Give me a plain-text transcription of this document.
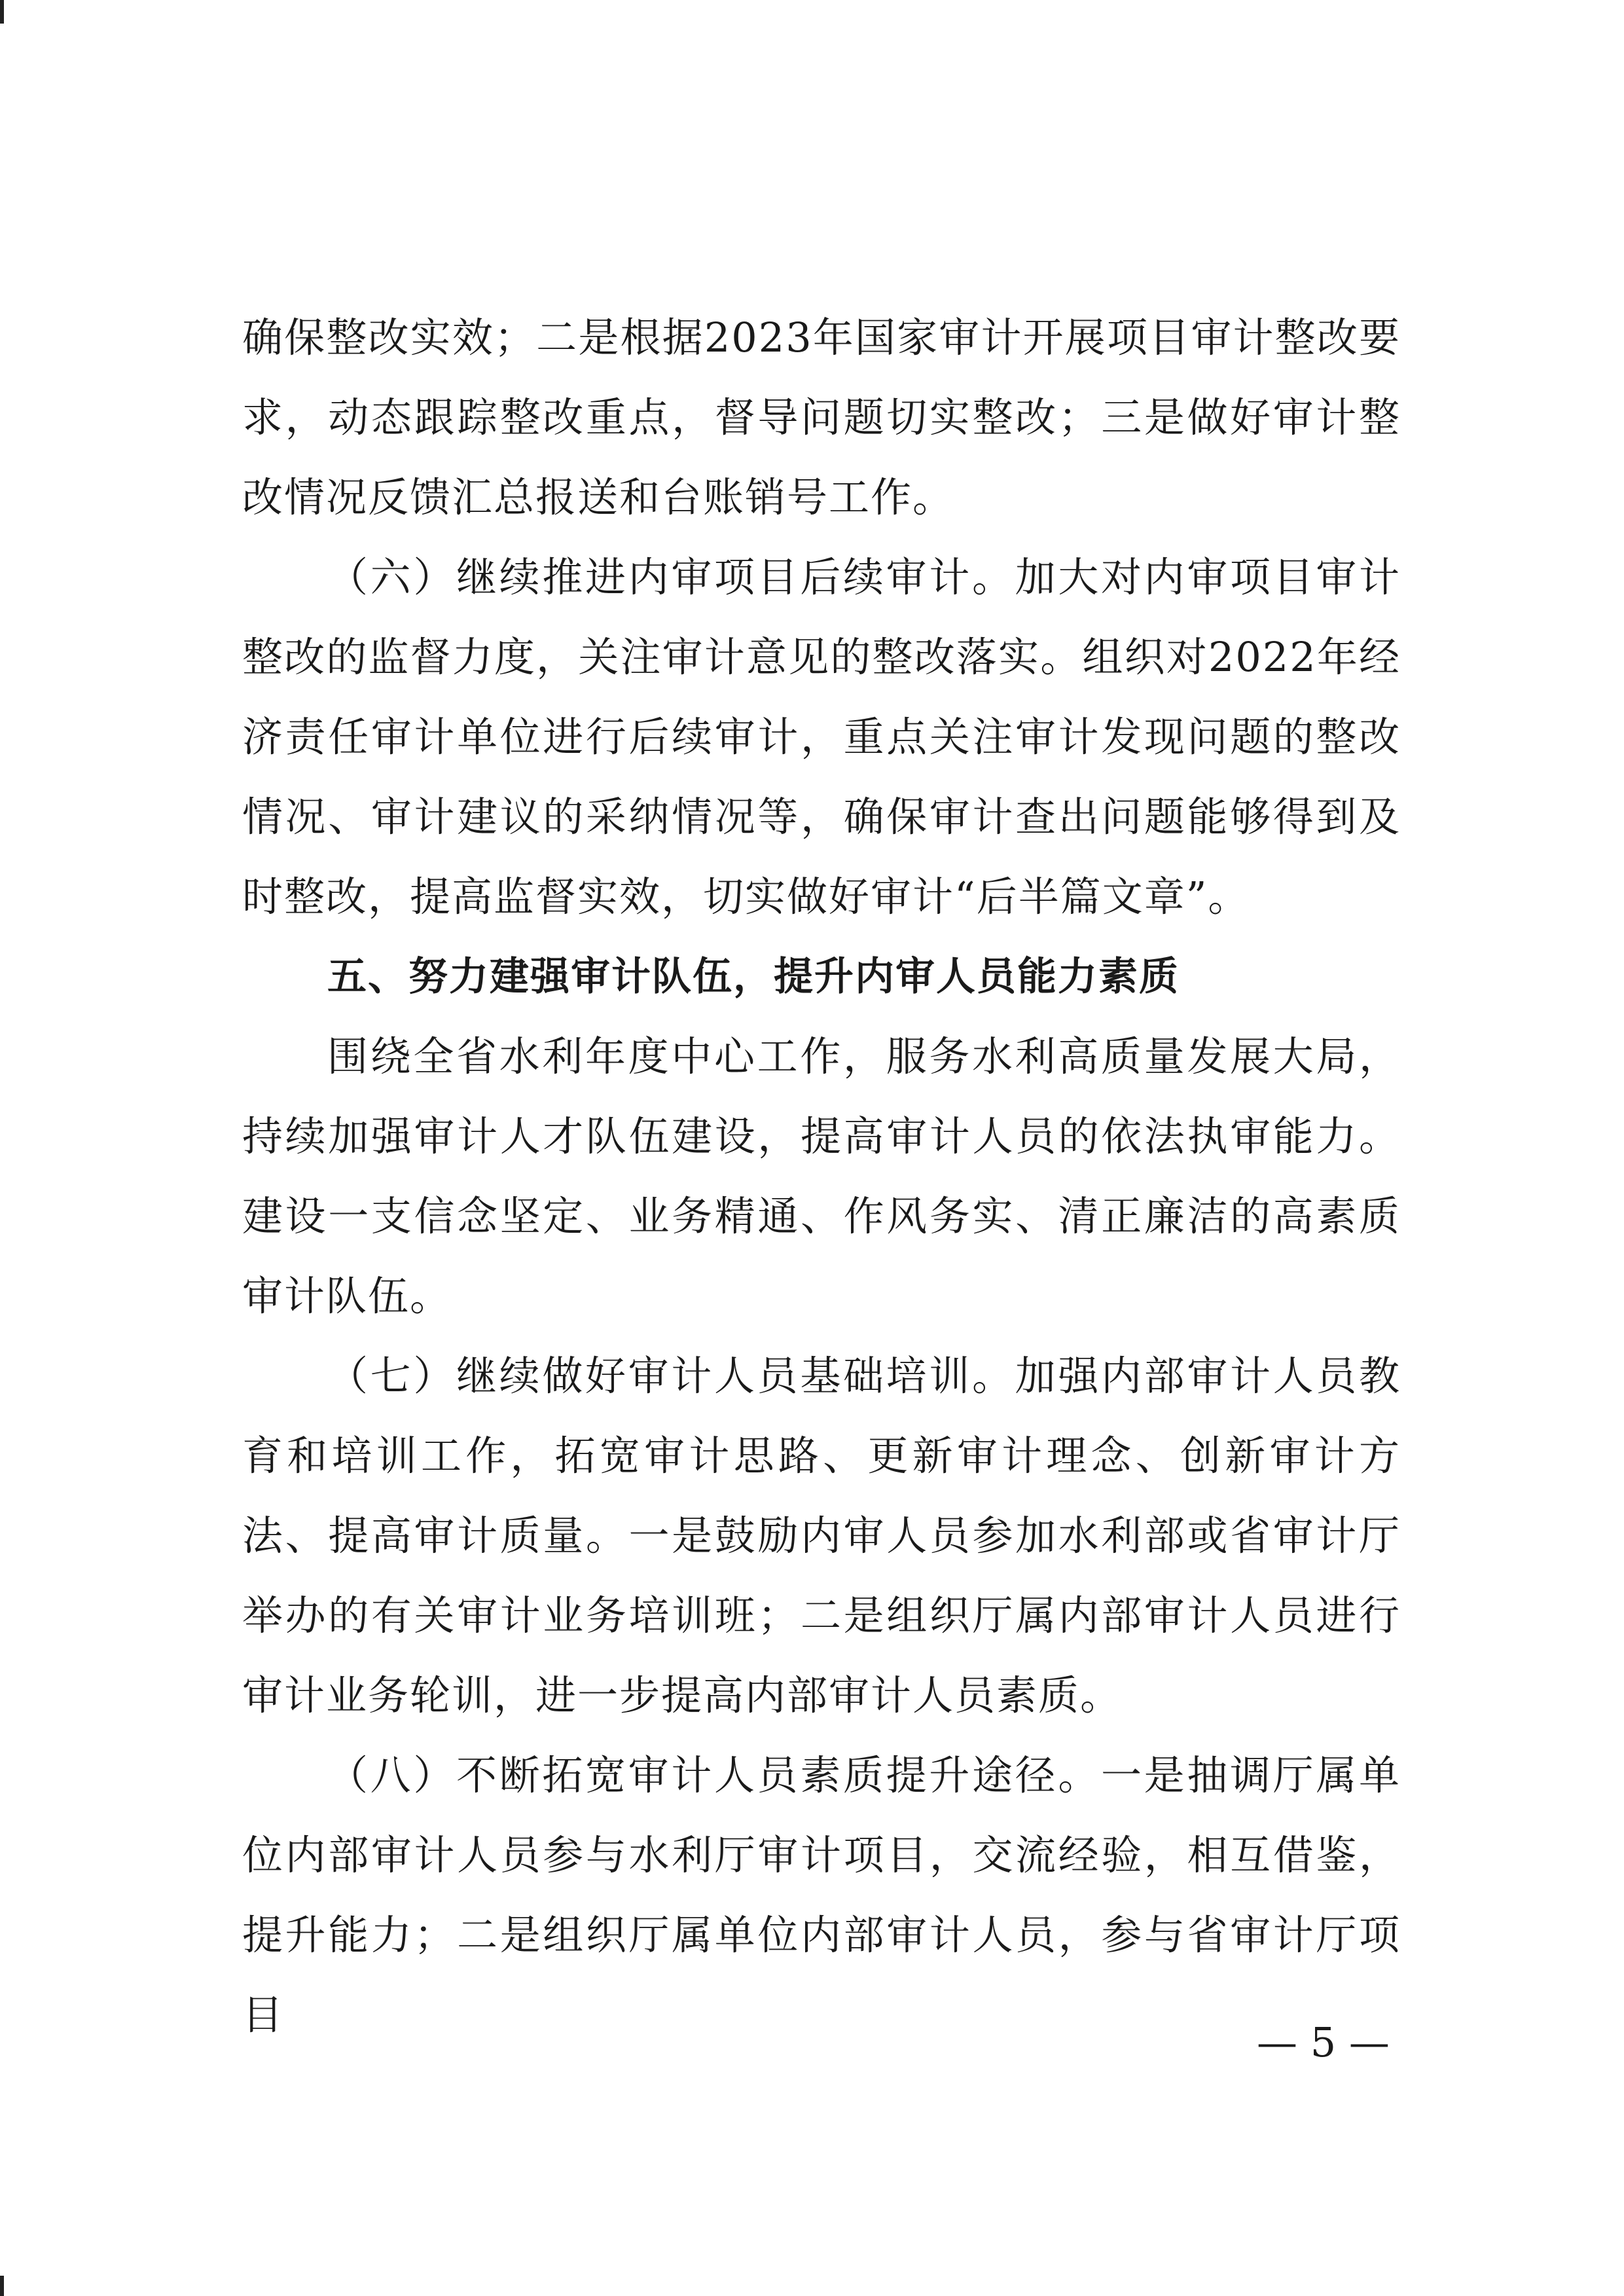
确保整改实效；二是根据2023年国家审计开展项目审计整改要求，动态跟踪整改重点，督导问题切实整改；三是做好审计整改情况反馈汇总报送和台账销号工作。

（六）继续推进内审项目后续审计。加大对内审项目审计整改的监督力度，关注审计意见的整改落实。组织对2022年经济责任审计单位进行后续审计，重点关注审计发现问题的整改情况、审计建议的采纳情况等，确保审计查出问题能够得到及时整改，提高监督实效，切实做好审计“后半篇文章”。

五、努力建强审计队伍，提升内审人员能力素质

围绕全省水利年度中心工作，服务水利高质量发展大局，持续加强审计人才队伍建设，提高审计人员的依法执审能力。建设一支信念坚定、业务精通、作风务实、清正廉洁的高素质审计队伍。

（七）继续做好审计人员基础培训。加强内部审计人员教育和培训工作，拓宽审计思路、更新审计理念、创新审计方法、提高审计质量。一是鼓励内审人员参加水利部或省审计厅举办的有关审计业务培训班；二是组织厅属内部审计人员进行审计业务轮训，进一步提高内部审计人员素质。

（八）不断拓宽审计人员素质提升途径。一是抽调厅属单位内部审计人员参与水利厅审计项目，交流经验，相互借鉴，提升能力；二是组织厅属单位内部审计人员，参与省审计厅项目

— 5 —
